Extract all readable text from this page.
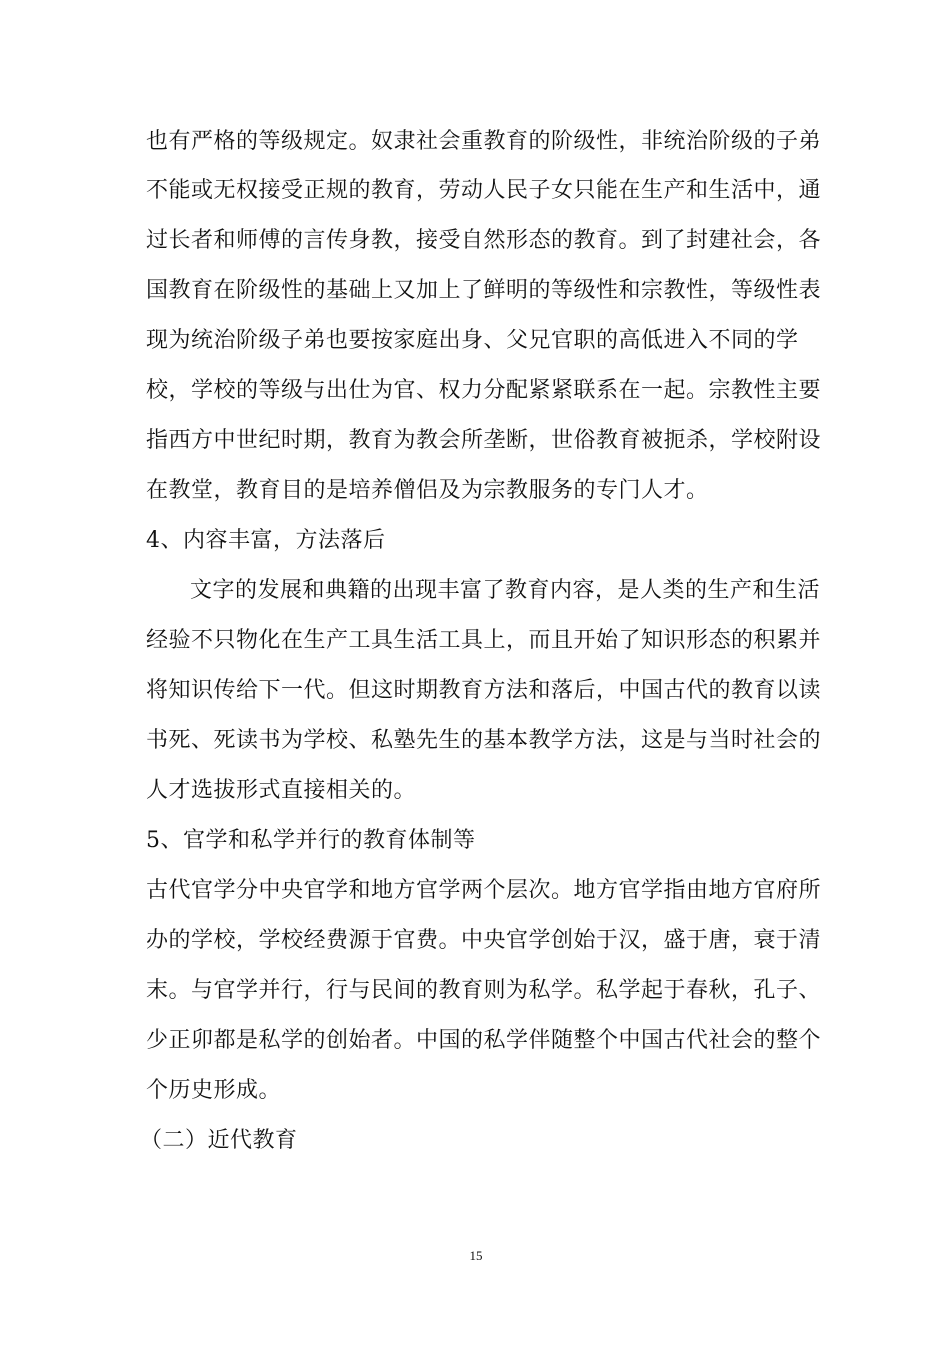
也有严格的等级规定。奴隶社会重教育的阶级性，非统治阶级的子弟
不能或无权接受正规的教育，劳动人民子女只能在生产和生活中，通
过长者和师傅的言传身教，接受自然形态的教育。到了封建社会，各
国教育在阶级性的基础上又加上了鲜明的等级性和宗教性，等级性表
现为统治阶级子弟也要按家庭出身、父兄官职的高低进入不同的学
校，学校的等级与出仕为官、权力分配紧紧联系在一起。宗教性主要
指西方中世纪时期，教育为教会所垄断，世俗教育被扼杀，学校附设
在教堂，教育目的是培养僧侣及为宗教服务的专门人才。
4、内容丰富，方法落后
文字的发展和典籍的出现丰富了教育内容，是人类的生产和生活
经验不只物化在生产工具生活工具上，而且开始了知识形态的积累并
将知识传给下一代。但这时期教育方法和落后，中国古代的教育以读
书死、死读书为学校、私塾先生的基本教学方法，这是与当时社会的
人才选拔形式直接相关的。
5、官学和私学并行的教育体制等
古代官学分中央官学和地方官学两个层次。地方官学指由地方官府所
办的学校，学校经费源于官费。中央官学创始于汉，盛于唐，衰于清
末。与官学并行，行与民间的教育则为私学。私学起于春秋，孔子、
少正卯都是私学的创始者。中国的私学伴随整个中国古代社会的整个
个历史形成。
（二）近代教育
15
